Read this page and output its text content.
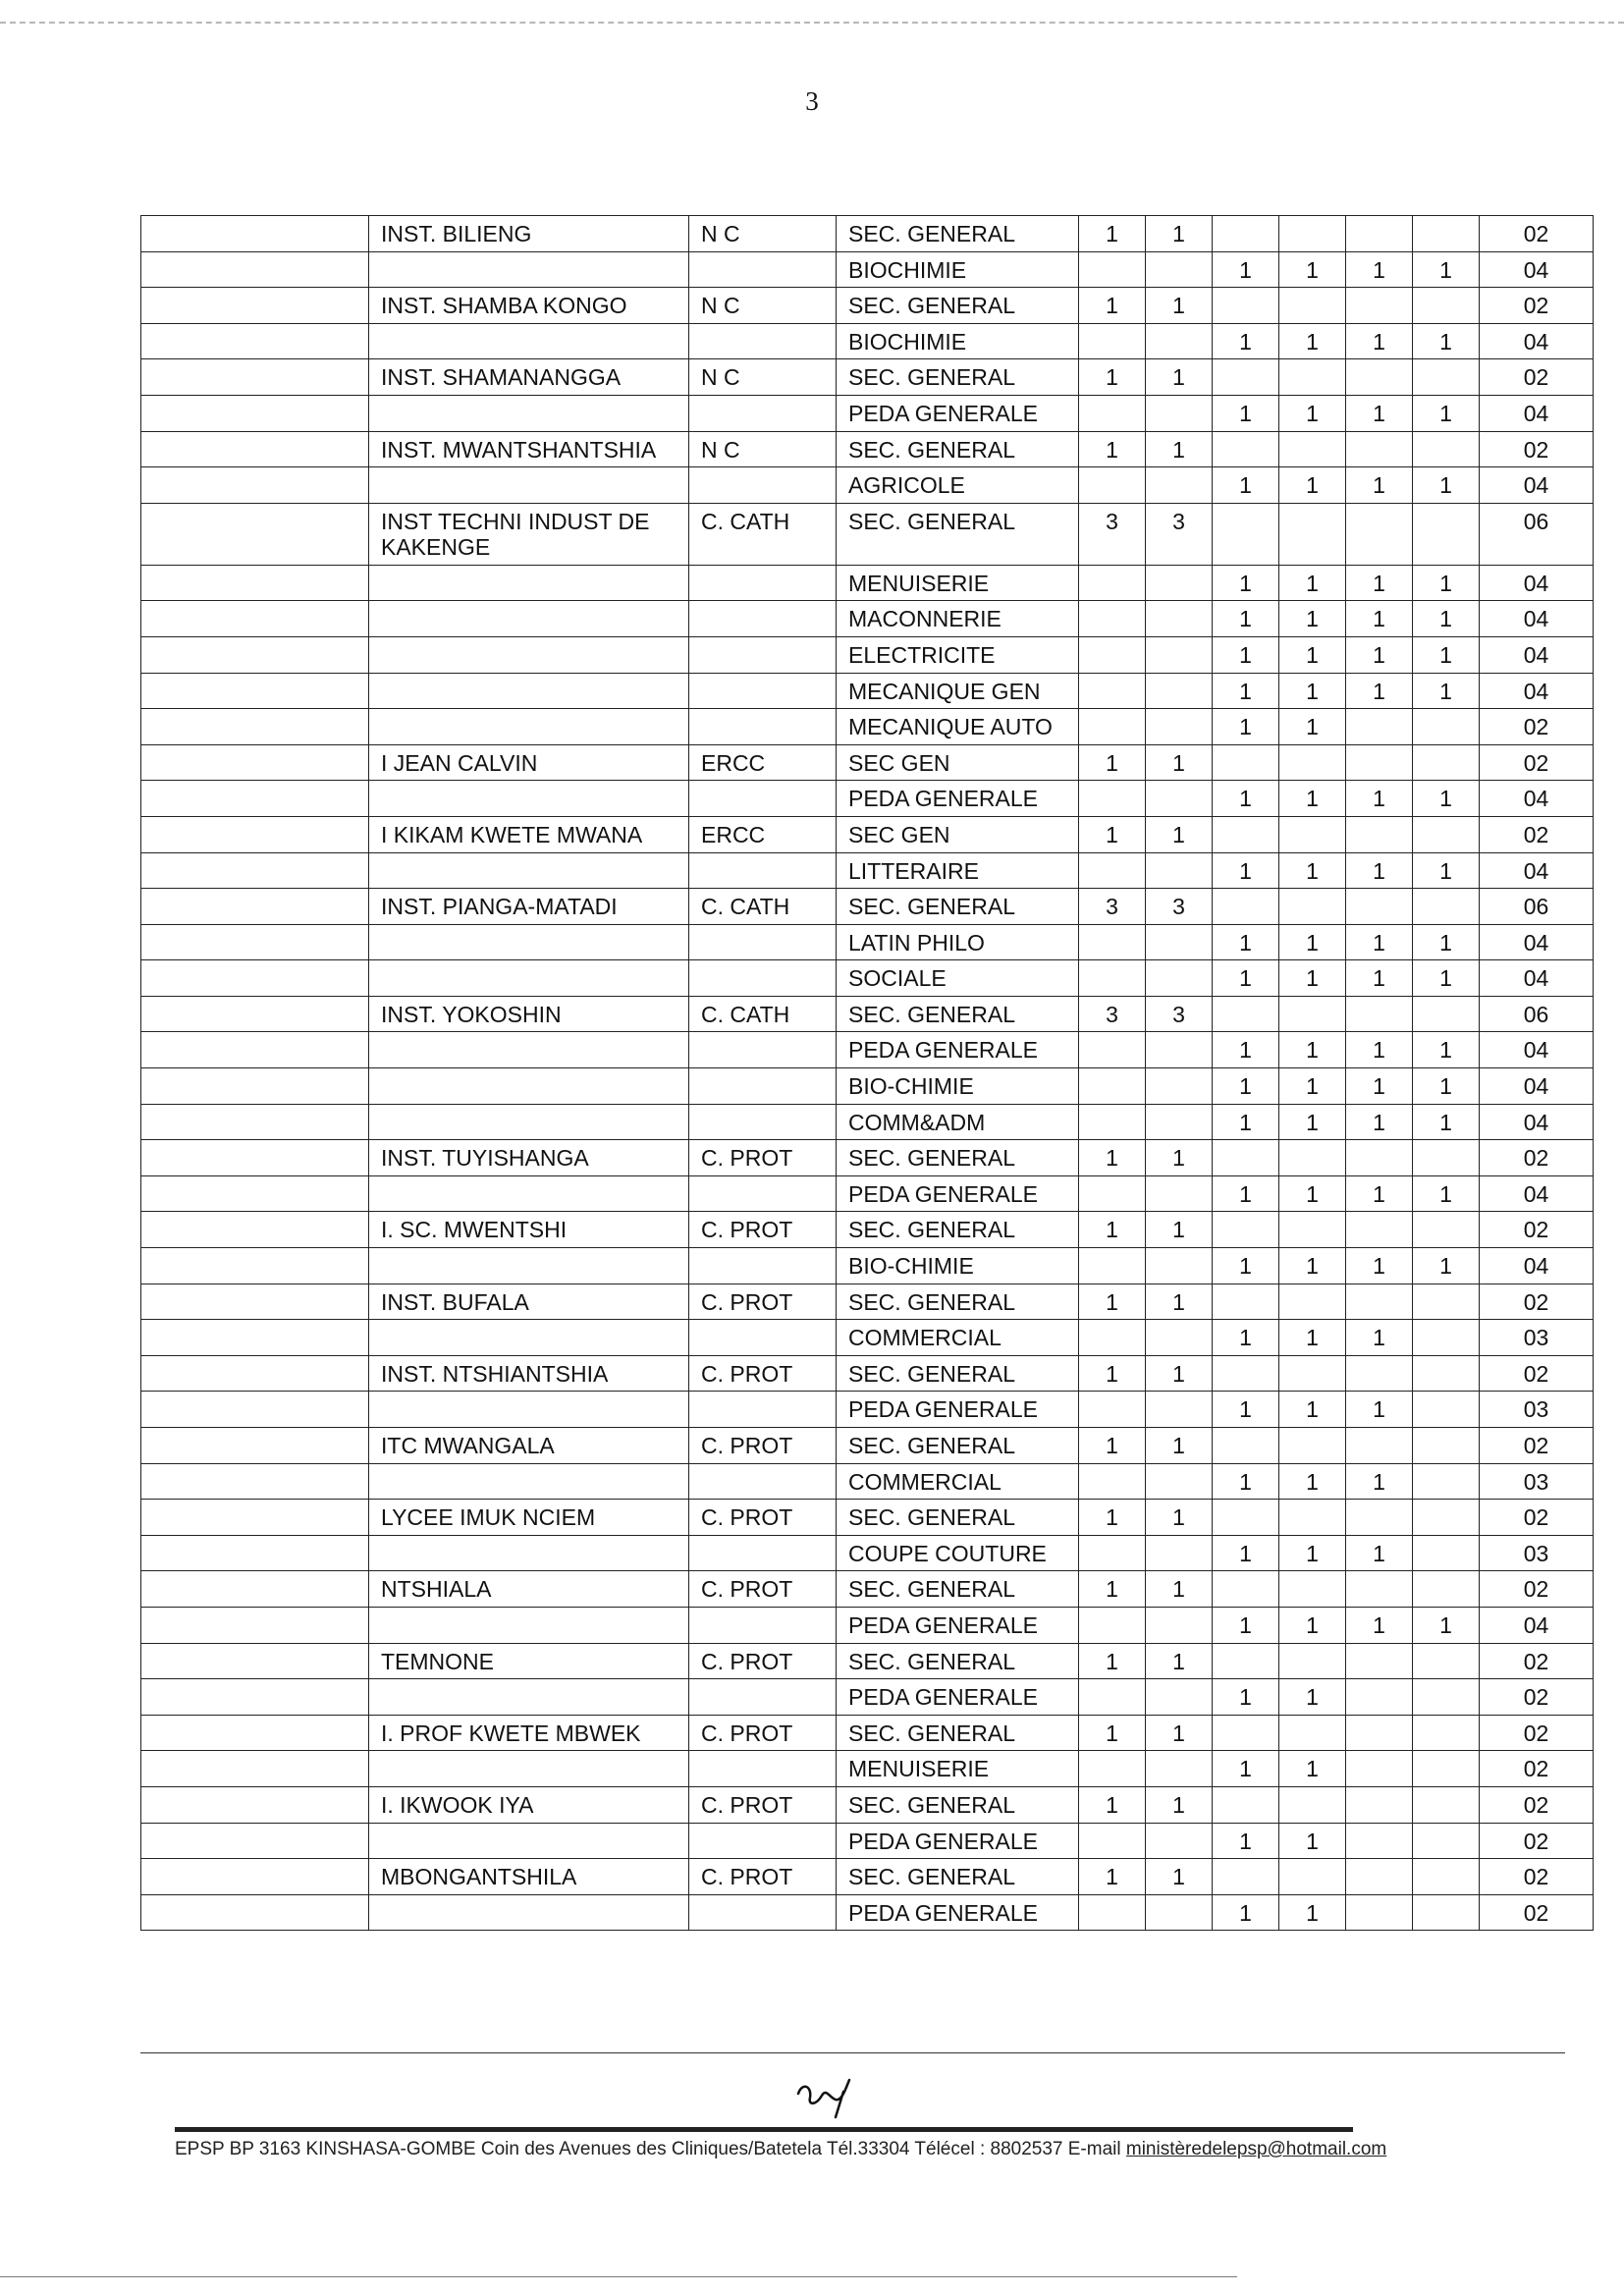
3
	INST. BILIENG	N C	SEC. GENERAL	1	1					02
			BIOCHIMIE			1	1	1	1	04
	INST. SHAMBA KONGO	N C	SEC. GENERAL	1	1					02
			BIOCHIMIE			1	1	1	1	04
	INST. SHAMANANGGA	N C	SEC. GENERAL	1	1					02
			PEDA GENERALE			1	1	1	1	04
	INST. MWANTSHANTSHIA	N C	SEC. GENERAL	1	1					02
			AGRICOLE			1	1	1	1	04
	INST TECHNI INDUST DE KAKENGE	C. CATH	SEC. GENERAL	3	3					06
			MENUISERIE			1	1	1	1	04
			MACONNERIE			1	1	1	1	04
			ELECTRICITE			1	1	1	1	04
			MECANIQUE GEN			1	1	1	1	04
			MECANIQUE AUTO			1	1			02
	I JEAN CALVIN	ERCC	SEC GEN	1	1					02
			PEDA GENERALE			1	1	1	1	04
	I KIKAM KWETE MWANA	ERCC	SEC GEN	1	1					02
			LITTERAIRE			1	1	1	1	04
	INST. PIANGA-MATADI	C. CATH	SEC. GENERAL	3	3					06
			LATIN PHILO			1	1	1	1	04
			SOCIALE			1	1	1	1	04
	INST. YOKOSHIN	C. CATH	SEC. GENERAL	3	3					06
			PEDA GENERALE			1	1	1	1	04
			BIO-CHIMIE			1	1	1	1	04
			COMM&ADM			1	1	1	1	04
	INST. TUYISHANGA	C. PROT	SEC. GENERAL	1	1					02
			PEDA GENERALE			1	1	1	1	04
	I. SC. MWENTSHI	C. PROT	SEC. GENERAL	1	1					02
			BIO-CHIMIE			1	1	1	1	04
	INST. BUFALA	C. PROT	SEC. GENERAL	1	1					02
			COMMERCIAL			1	1	1		03
	INST. NTSHIANTSHIA	C. PROT	SEC. GENERAL	1	1					02
			PEDA GENERALE			1	1	1		03
	ITC MWANGALA	C. PROT	SEC. GENERAL	1	1					02
			COMMERCIAL			1	1	1		03
	LYCEE IMUK NCIEM	C. PROT	SEC. GENERAL	1	1					02
			COUPE COUTURE			1	1	1		03
	NTSHIALA	C. PROT	SEC. GENERAL	1	1					02
			PEDA GENERALE			1	1	1	1	04
	TEMNONE	C. PROT	SEC. GENERAL	1	1					02
			PEDA GENERALE			1	1			02
	I. PROF KWETE MBWEK	C. PROT	SEC. GENERAL	1	1					02
			MENUISERIE			1	1			02
	I. IKWOOK IYA	C. PROT	SEC. GENERAL	1	1					02
			PEDA GENERALE			1	1			02
	MBONGANTSHILA	C. PROT	SEC. GENERAL	1	1					02
			PEDA GENERALE			1	1			02
EPSP BP 3163 KINSHASA-GOMBE Coin des Avenues des Cliniques/Batetela Tél.33304 Télécel : 8802537 E-mail ministèredelepsp@hotmail.com
